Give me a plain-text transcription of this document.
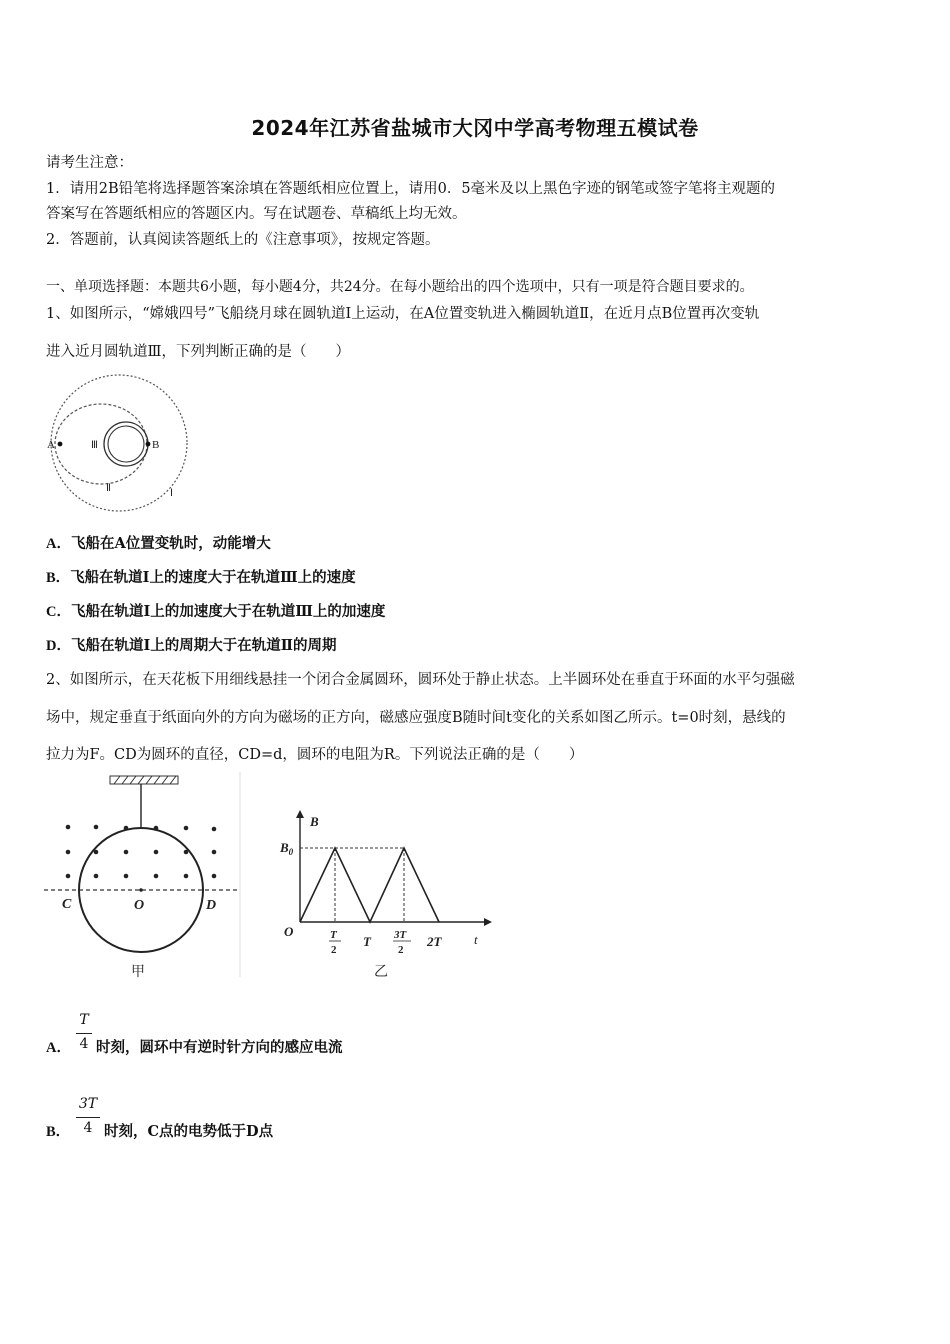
2024年江苏省盐城市大冈中学高考物理五模试卷
请考生注意：
1．请用2B铅笔将选择题答案涂填在答题纸相应位置上，请用0．5毫米及以上黑色字迹的钢笔或签字笔将主观题的
答案写在答题纸相应的答题区内。写在试题卷、草稿纸上均无效。
2．答题前，认真阅读答题纸上的《注意事项》，按规定答题。
一、单项选择题：本题共6小题，每小题4分，共24分。在每小题给出的四个选项中，只有一项是符合题目要求的。
1、如图所示，“嫦娥四号”飞船绕月球在圆轨道Ⅰ上运动，在A位置变轨进入椭圆轨道Ⅱ，在近月点B位置再次变轨
进入近月圆轨道Ⅲ，下列判断正确的是（　　）
A	B
Ⅲ
Ⅱ	Ⅰ
A．飞船在A位置变轨时，动能增大
B．飞船在轨道Ⅰ上的速度大于在轨道Ⅲ上的速度
C．飞船在轨道Ⅰ上的加速度大于在轨道Ⅲ上的加速度
D．飞船在轨道Ⅰ上的周期大于在轨道Ⅱ的周期
2、如图所示，在天花板下用细线悬挂一个闭合金属圆环，圆环处于静止状态。上半圆环处在垂直于环面的水平匀强磁
场中，规定垂直于纸面向外的方向为磁场的正方向，磁感应强度B随时间t变化的关系如图乙所示。t=0时刻，悬线的
拉力为F。CD为圆环的直径，CD=d，圆环的电阻为R。下列说法正确的是（　　）
C	O	D
甲
B
$B_0$
O
t
T
2
T 3T
2
2T
乙
T
4
A． 时刻，圆环中有逆时针方向的感应电流
3T
4
B． 时刻，C点的电势低于D点
